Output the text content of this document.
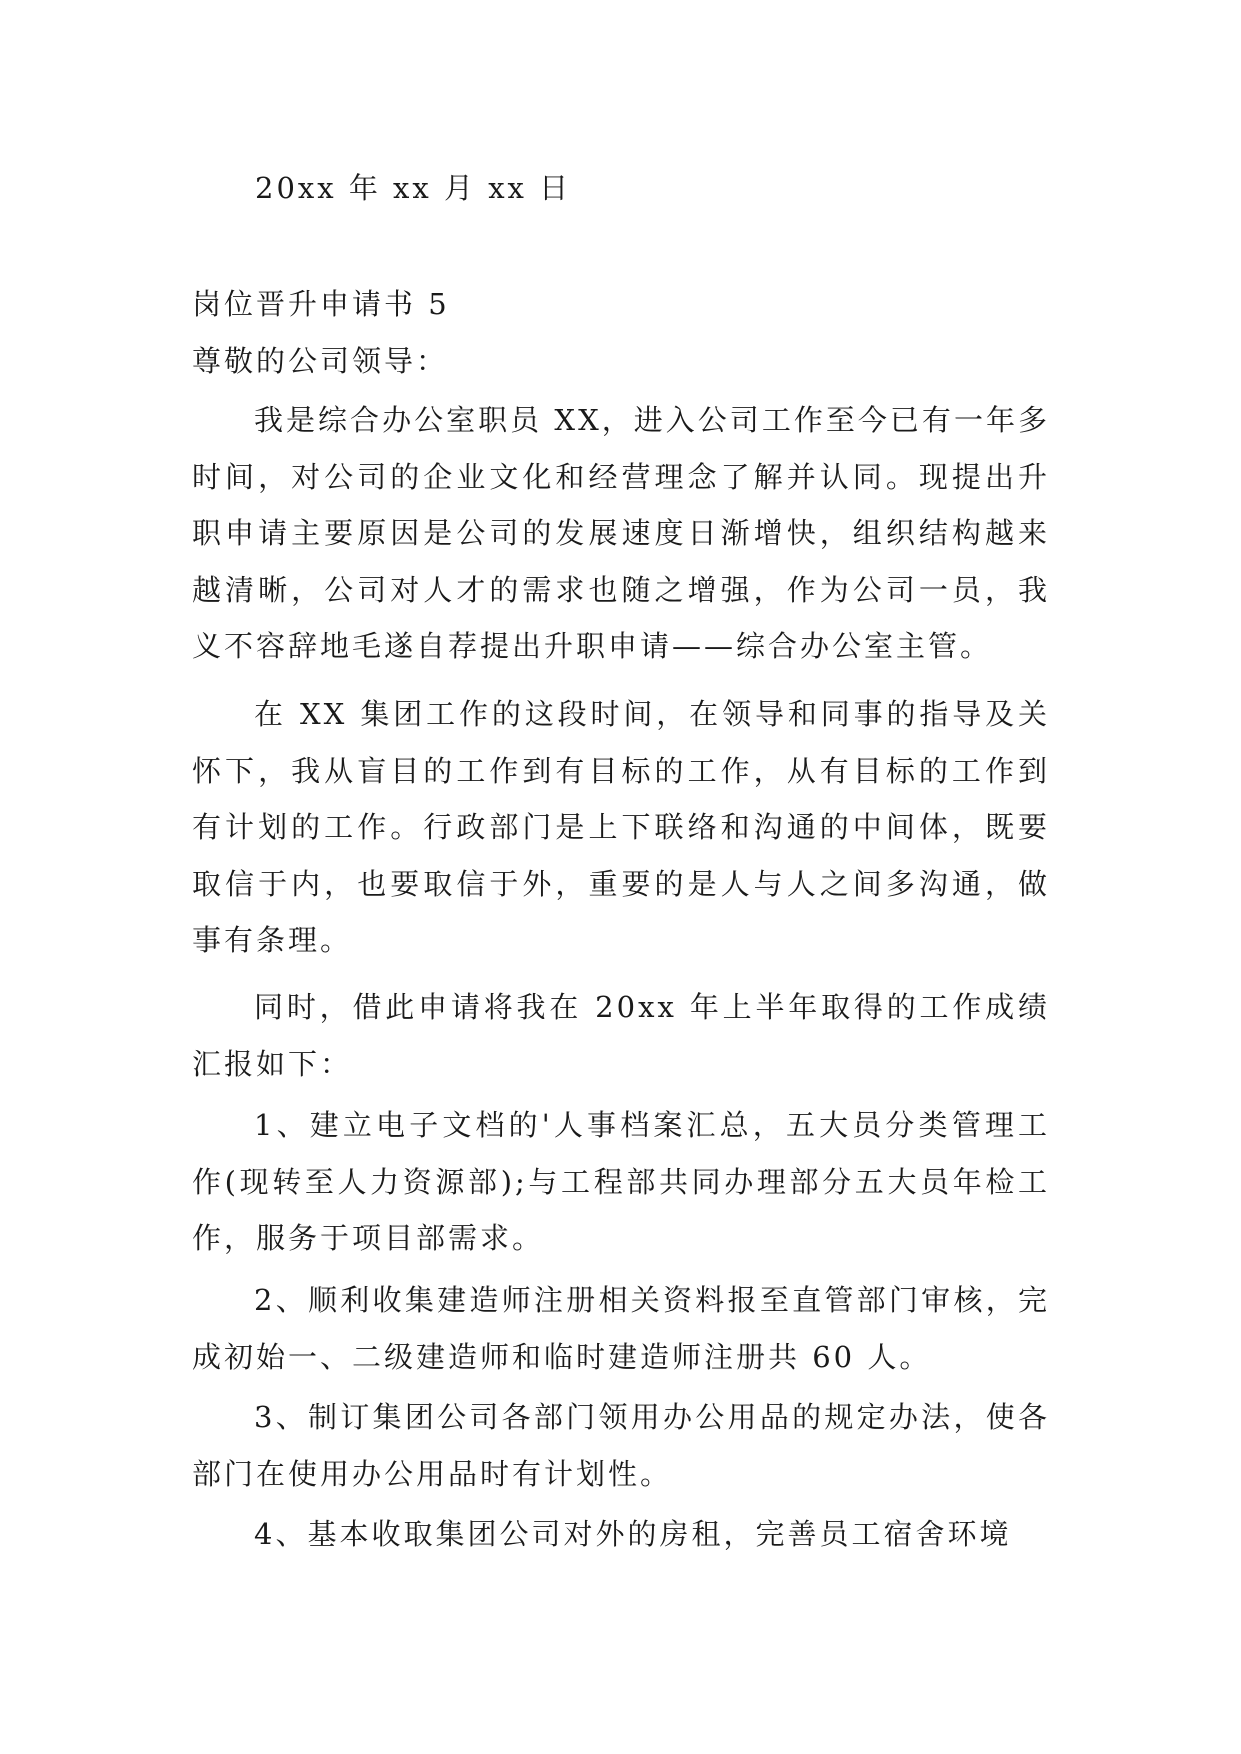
20xx 年 xx 月 xx 日
岗位晋升申请书 5
尊敬的公司领导：
我是综合办公室职员 XX，进入公司工作至今已有一年多时间，对公司的企业文化和经营理念了解并认同。现提出升职申请主要原因是公司的发展速度日渐增快，组织结构越来越清晰，公司对人才的需求也随之增强，作为公司一员，我义不容辞地毛遂自荐提出升职申请——综合办公室主管。
在 XX 集团工作的这段时间，在领导和同事的指导及关怀下，我从盲目的工作到有目标的工作，从有目标的工作到有计划的工作。行政部门是上下联络和沟通的中间体，既要取信于内，也要取信于外，重要的是人与人之间多沟通，做事有条理。
同时，借此申请将我在 20xx 年上半年取得的工作成绩汇报如下：
1、建立电子文档的'人事档案汇总，五大员分类管理工作(现转至人力资源部);与工程部共同办理部分五大员年检工作，服务于项目部需求。
2、顺利收集建造师注册相关资料报至直管部门审核，完成初始一、二级建造师和临时建造师注册共 60 人。
3、制订集团公司各部门领用办公用品的规定办法，使各部门在使用办公用品时有计划性。
4、基本收取集团公司对外的房租，完善员工宿舍环境
